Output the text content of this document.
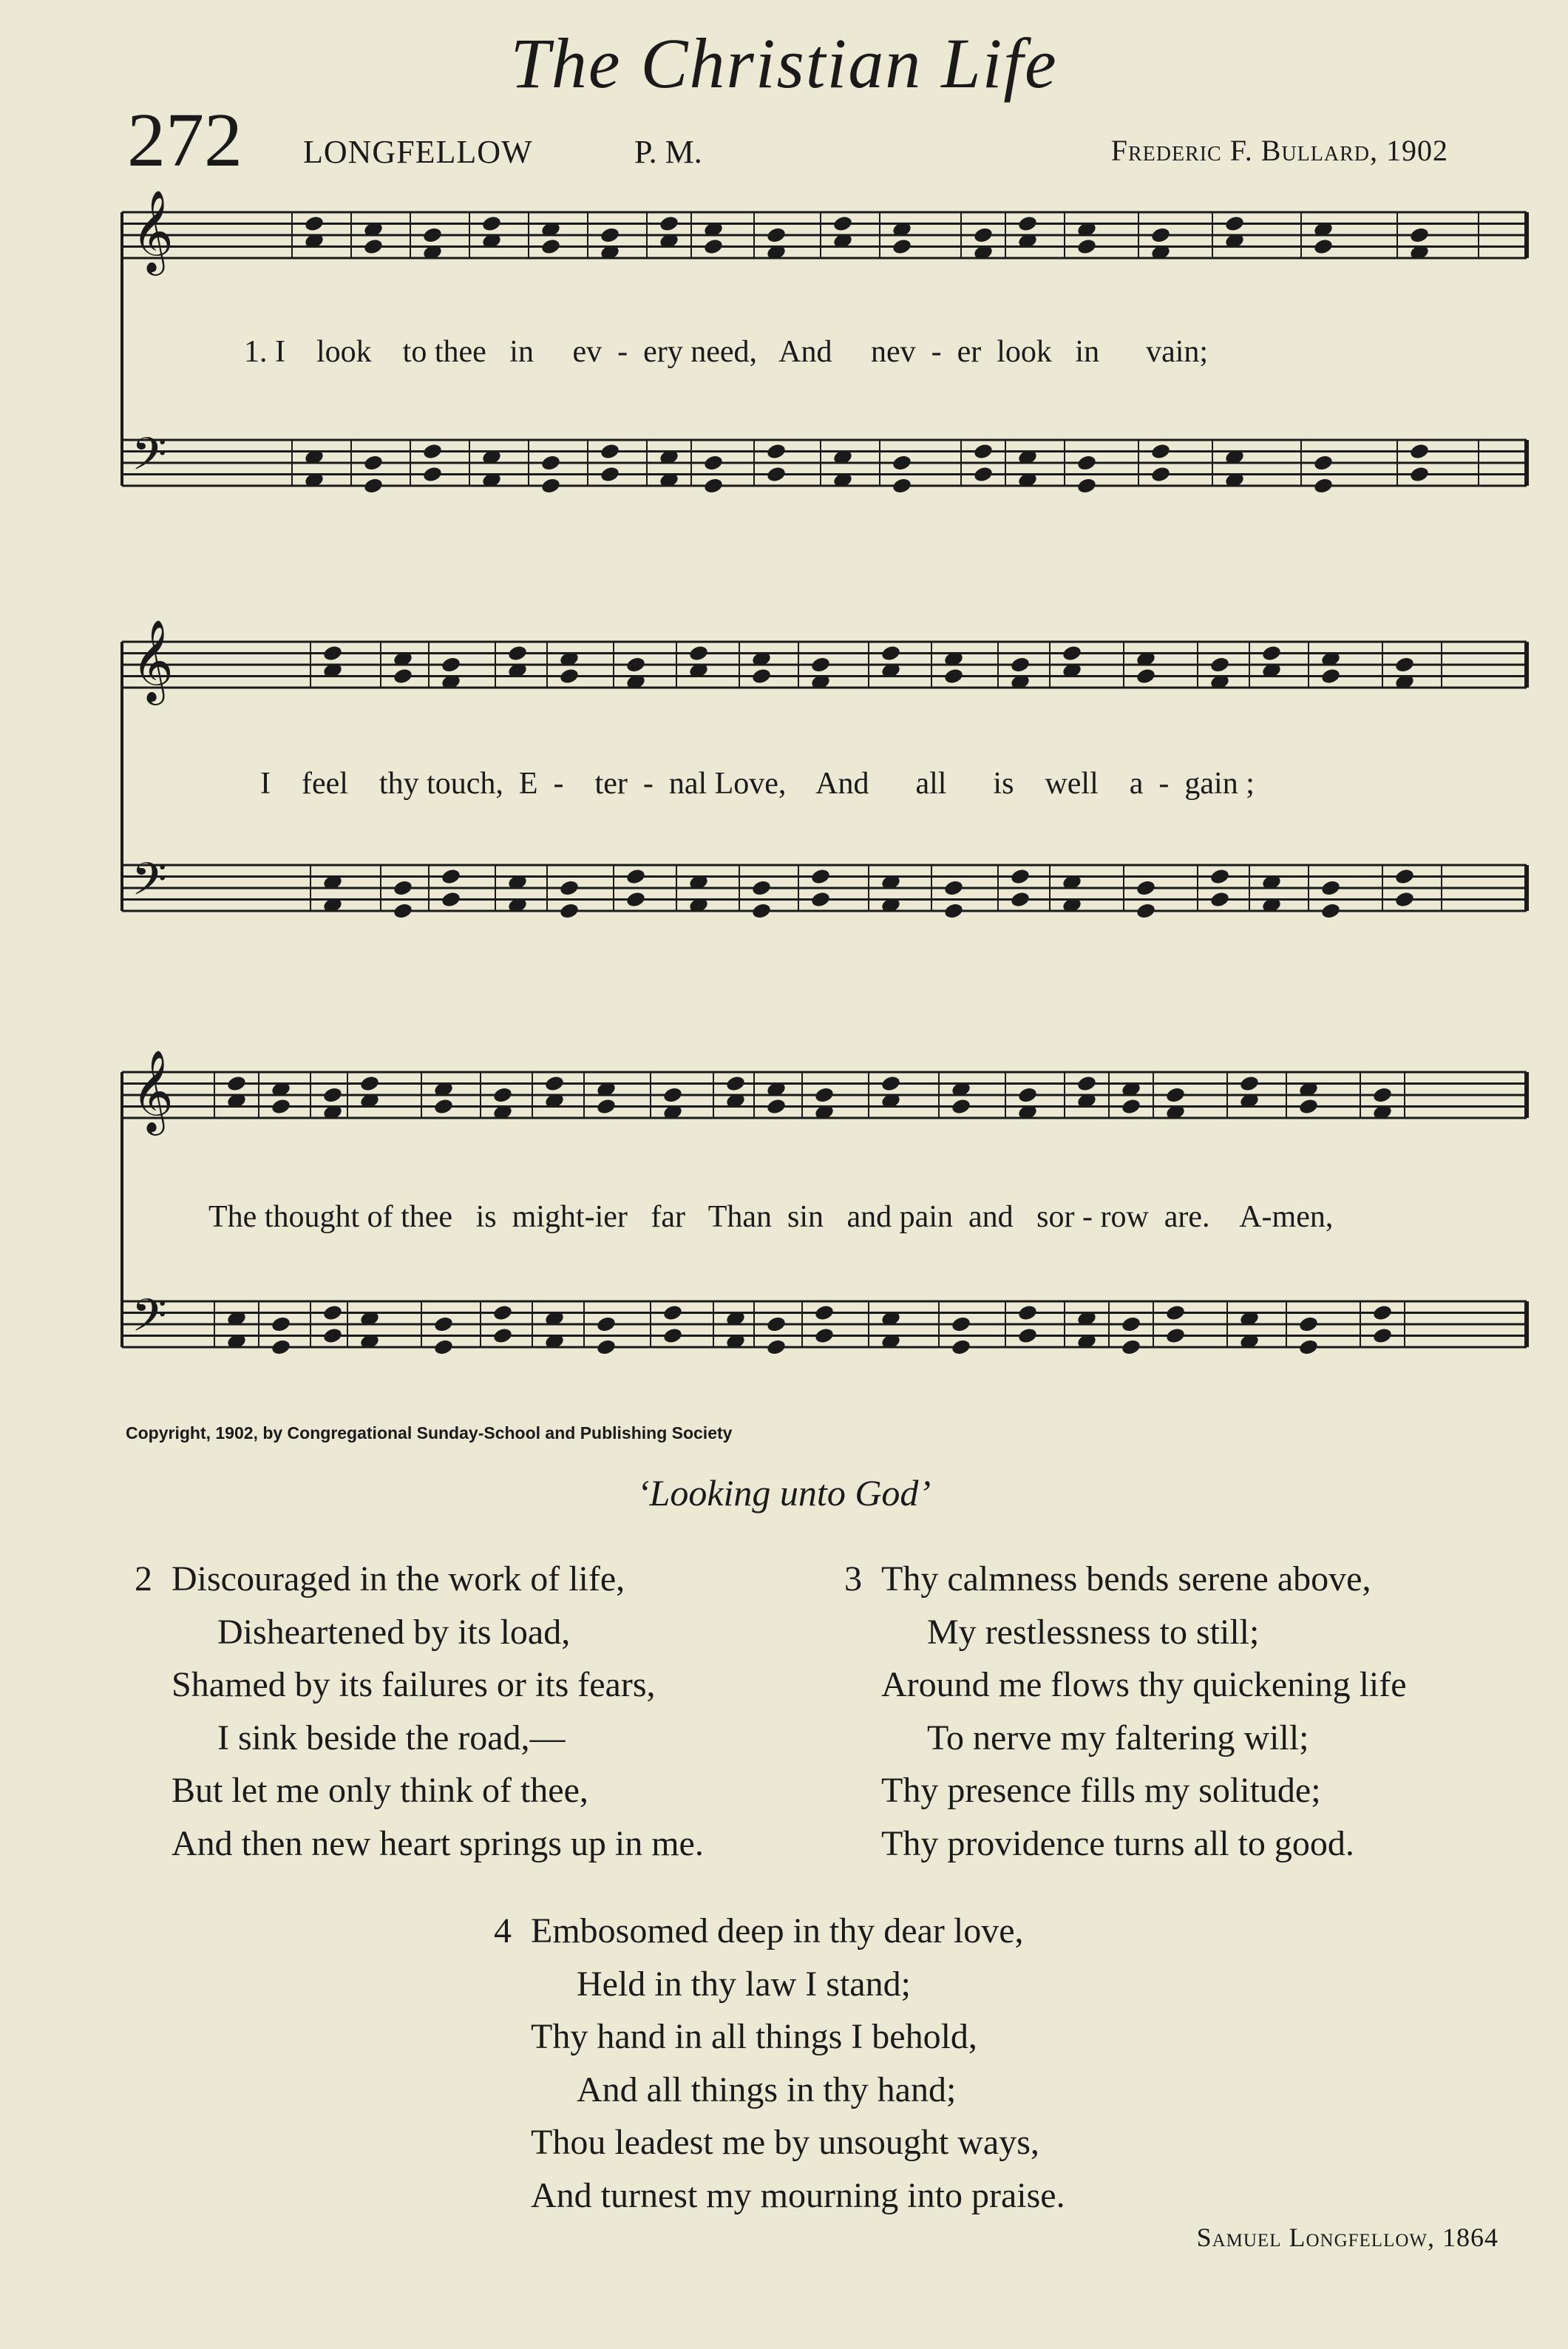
The Christian Life
272 LONGFELLOW	P. M.	Frederic F. Bullard, 1902
𝄞
𝄢
𝄞
𝄢
𝄞
𝄢
1. I    look    to thee   in     ev  -  ery need,   And     nev  -  er  look   in      vain;
I    feel    thy touch,  E  -    ter  -  nal Love,    And      all      is    well    a  -  gain ;
The thought of thee   is  might-ier   far   Than  sin   and pain  and   sor - row  are.    A-men,
Copyright, 1902, by Congregational Sunday-School and Publishing Society
‘Looking unto God’
2 Discouraged in the work of life,
Disheartened by its load,
Shamed by its failures or its fears,
I sink beside the road,—
But let me only think of thee,
And then new heart springs up in me.
3 Thy calmness bends serene above,
My restlessness to still;
Around me flows thy quickening life
To nerve my faltering will;
Thy presence fills my solitude;
Thy providence turns all to good.
4 Embosomed deep in thy dear love,
Held in thy law I stand;
Thy hand in all things I behold,
And all things in thy hand;
Thou leadest me by unsought ways,
And turnest my mourning into praise.
Samuel Longfellow, 1864
